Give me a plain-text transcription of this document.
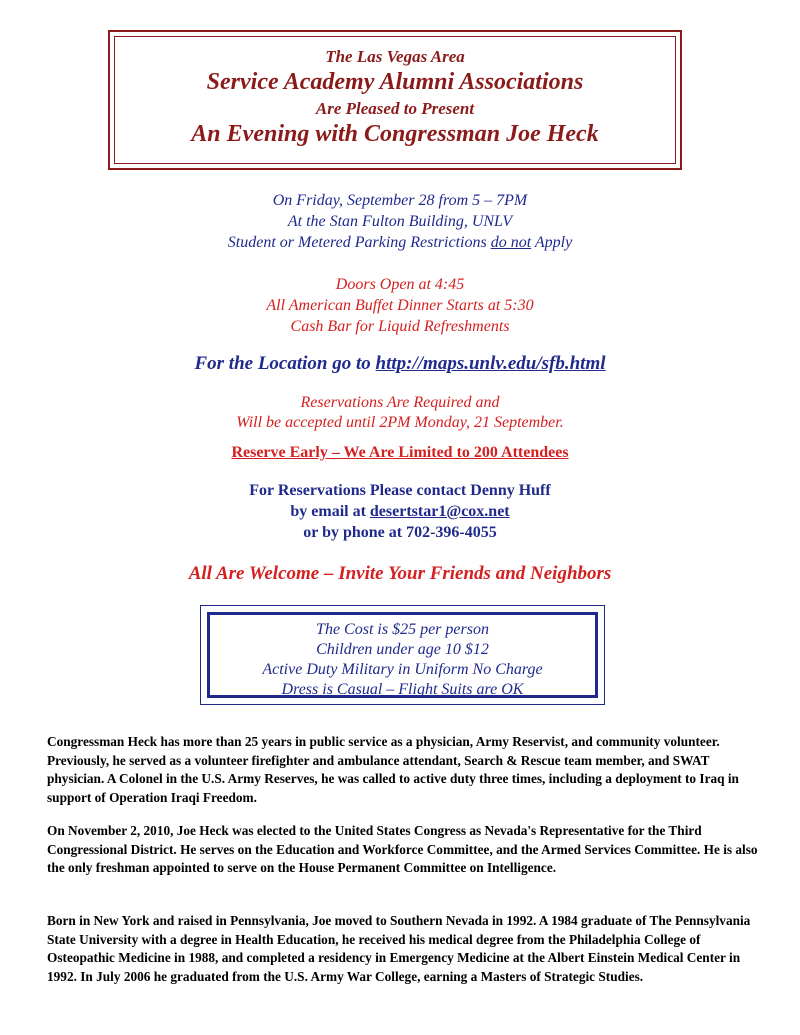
The Las Vegas Area
Service Academy Alumni Associations
Are Pleased to Present
An Evening with Congressman Joe Heck
On Friday, September 28 from 5 – 7PM
At the Stan Fulton Building, UNLV
Student or Metered Parking Restrictions do not Apply
Doors Open at 4:45
All American Buffet Dinner Starts at 5:30
Cash Bar for Liquid Refreshments
For the Location go to http://maps.unlv.edu/sfb.html
Reservations Are Required and
Will be accepted until 2PM Monday, 21 September.
Reserve Early – We Are Limited to 200 Attendees
For Reservations Please contact Denny Huff
by email at desertstar1@cox.net
or by phone at 702-396-4055
All Are Welcome – Invite Your Friends and Neighbors
The Cost is $25 per person
Children under age 10 $12
Active Duty Military in Uniform No Charge
Dress is Casual – Flight Suits are OK

Congressman Heck has more than 25 years in public service as a physician, Army Reservist, and community volunteer. Previously, he served as a volunteer firefighter and ambulance attendant, Search & Rescue team member, and SWAT physician. A Colonel in the U.S. Army Reserves, he was called to active duty three times, including a deployment to Iraq in support of Operation Iraqi Freedom.

On November 2, 2010, Joe Heck was elected to the United States Congress as Nevada's Representative for the Third Congressional District. He serves on the Education and Workforce Committee, and the Armed Services Committee. He is also the only freshman appointed to serve on the House Permanent Committee on Intelligence.

Born in New York and raised in Pennsylvania, Joe moved to Southern Nevada in 1992. A 1984 graduate of The Pennsylvania State University with a degree in Health Education, he received his medical degree from the Philadelphia College of Osteopathic Medicine in 1988, and completed a residency in Emergency Medicine at the Albert Einstein Medical Center in 1992. In July 2006 he graduated from the U.S. Army War College, earning a Masters of Strategic Studies.
